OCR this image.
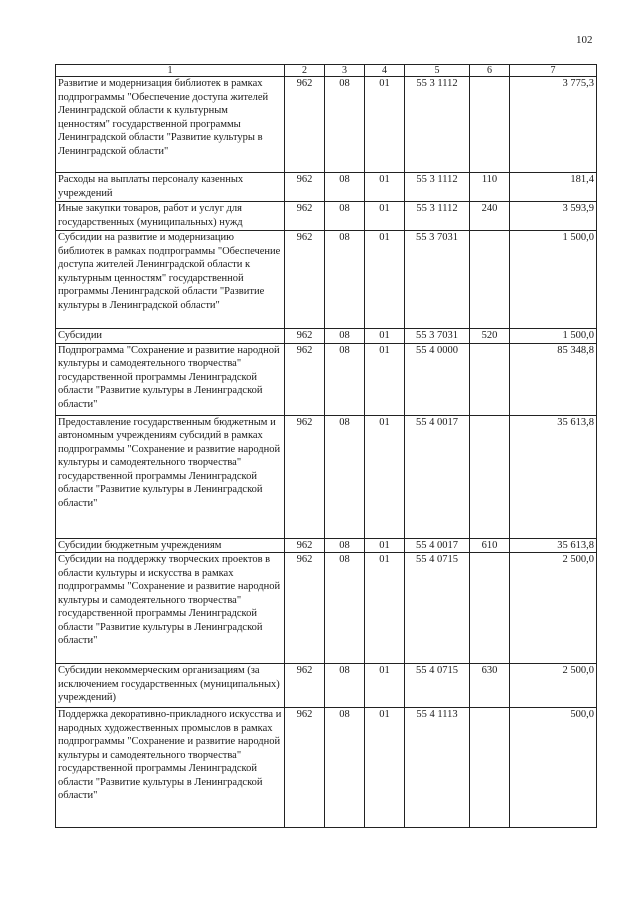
102
1	2	3	4	5	6	7
Развитие и модернизация библиотек в рамках подпрограммы "Обеспечение доступа жителей Ленинградской области к культурным ценностям" государственной программы Ленинградской области "Развитие культуры в Ленинградской области"	962	08	01	55 3 1112		3 775,3
Расходы на выплаты персоналу казенных учреждений	962	08	01	55 3 1112	110	181,4
Иные закупки товаров, работ и услуг для государственных (муниципальных) нужд	962	08	01	55 3 1112	240	3 593,9
Субсидии на развитие и модернизацию библиотек в рамках подпрограммы "Обеспечение доступа жителей Ленинградской области к культурным ценностям" государственной программы Ленинградской области "Развитие культуры в Ленинградской области"	962	08	01	55 3 7031		1 500,0
Субсидии	962	08	01	55 3 7031	520	1 500,0
Подпрограмма "Сохранение и развитие народной культуры и самодеятельного творчества" государственной программы Ленинградской области "Развитие культуры в Ленинградской области"	962	08	01	55 4 0000		85 348,8
Предоставление государственным бюджетным и автономным учреждениям субсидий в рамках подпрограммы "Сохранение и развитие народной культуры и самодеятельного творчества" государственной программы Ленинградской области "Развитие культуры в Ленинградской области"	962	08	01	55 4 0017		35 613,8
Субсидии бюджетным учреждениям	962	08	01	55 4 0017	610	35 613,8
Субсидии на поддержку творческих проектов в области культуры и искусства в рамках подпрограммы "Сохранение и развитие народной культуры и самодеятельного творчества" государственной программы Ленинградской области "Развитие культуры в Ленинградской области"	962	08	01	55 4 0715		2 500,0
Субсидии некоммерческим организациям (за исключением государственных (муниципальных) учреждений)	962	08	01	55 4 0715	630	2 500,0
Поддержка декоративно-прикладного искусства и народных художественных промыслов в рамках подпрограммы "Сохранение и развитие народной культуры и самодеятельного творчества" государственной программы Ленинградской области "Развитие культуры в Ленинградской области"	962	08	01	55 4 1113		500,0
